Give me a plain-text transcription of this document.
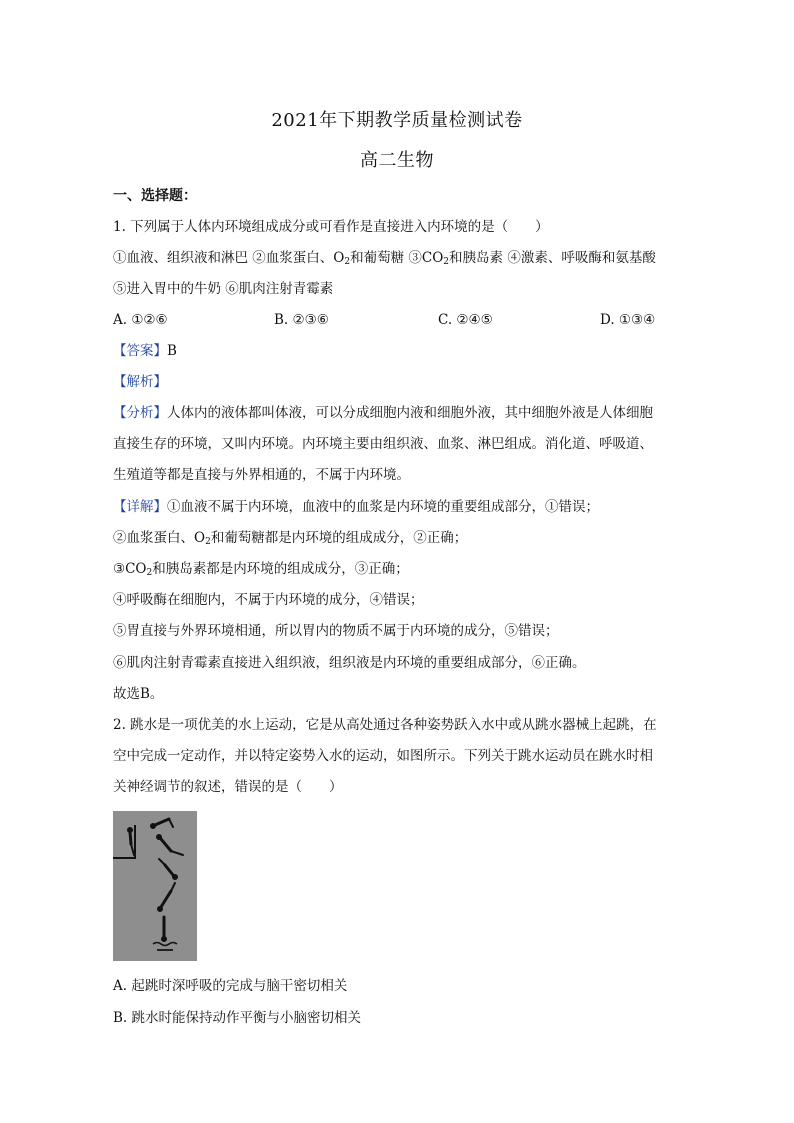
2021年下期教学质量检测试卷
高二生物
一、选择题：
1. 下列属于人体内环境组成成分或可看作是直接进入内环境的是（　　）
①血液、组织液和淋巴 ②血浆蛋白、$O_2$和葡萄糖 $③CO_2$和胰岛素 ④激素、呼吸酶和氨基酸
⑤进入胃中的牛奶 ⑥肌肉注射青霉素
A. ①②⑥	B. ②③⑥	C. ②④⑤	D. ①③④
【答案】B
【解析】
【分析】人体内的液体都叫体液，可以分成细胞内液和细胞外液，其中细胞外液是人体细胞
直接生存的环境，又叫内环境。内环境主要由组织液、血浆、淋巴组成。消化道、呼吸道、
生殖道等都是直接与外界相通的，不属于内环境。
【详解】①血液不属于内环境，血液中的血浆是内环境的重要组成部分，①错误；
②血浆蛋白、$O_2$和葡萄糖都是内环境的组成成分，②正确；
$③CO_2$和胰岛素都是内环境的组成成分，③正确；
④呼吸酶在细胞内，不属于内环境的成分，④错误；
⑤胃直接与外界环境相通，所以胃内的物质不属于内环境的成分，⑤错误；
⑥肌肉注射青霉素直接进入组织液，组织液是内环境的重要组成部分，⑥正确。
故选B。
2. 跳水是一项优美的水上运动，它是从高处通过各种姿势跃入水中或从跳水器械上起跳，在
空中完成一定动作，并以特定姿势入水的运动，如图所示。下列关于跳水运动员在跳水时相
关神经调节的叙述，错误的是（　　）
A. 起跳时深呼吸的完成与脑干密切相关
B. 跳水时能保持动作平衡与小脑密切相关
